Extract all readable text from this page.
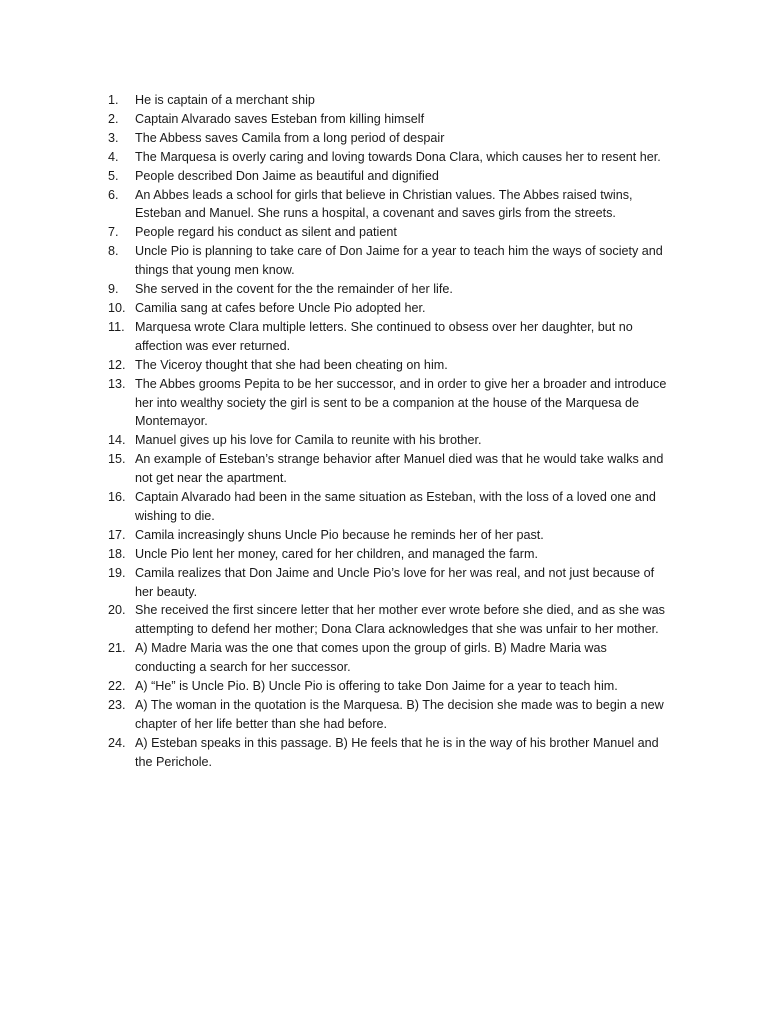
1.	He is captain of a merchant ship
2.	Captain Alvarado saves Esteban from killing himself
3.	The Abbess saves Camila from a long period of despair
4.	The Marquesa is overly caring and loving towards Dona Clara, which causes her to resent her.
5.	People described Don Jaime as beautiful and dignified
6.	An Abbes leads a school for girls that believe in Christian values. The Abbes raised twins, Esteban and Manuel. She runs a hospital, a covenant and saves girls from the streets.
7.	People regard his conduct as silent and patient
8.	Uncle Pio is planning to take care of Don Jaime for a year to teach him the ways of society and things that young men know.
9.	She served in the covent for the the remainder of her life.
10. Camilia sang at cafes before Uncle Pio adopted her.
11. Marquesa wrote Clara multiple letters. She continued to obsess over her daughter, but no affection was ever returned.
12. The Viceroy thought that she had been cheating on him.
13. The Abbes grooms Pepita to be her successor, and in order to give her a broader and introduce her into wealthy society the girl is sent to be a companion at the house of the Marquesa de Montemayor.
14. Manuel gives up his love for Camila to reunite with his brother.
15. An example of Esteban’s strange behavior after Manuel died was that he would take walks and not get near the apartment.
16. Captain Alvarado had been in the same situation as Esteban, with the loss of a loved one and wishing to die.
17. Camila increasingly shuns Uncle Pio because he reminds her of her past.
18. Uncle Pio lent her money, cared for her children, and managed the farm.
19. Camila realizes that Don Jaime and Uncle Pio’s love for her was real, and not just because of her beauty.
20. She received the first sincere letter that her mother ever wrote before she died, and as she was attempting to defend her mother; Dona Clara acknowledges that she was unfair to her mother.
21. A) Madre Maria was the one that comes upon the group of girls. B) Madre Maria was conducting a search for her successor.
22. A) “He” is Uncle Pio. B) Uncle Pio is offering to take Don Jaime for a year to teach him.
23. A) The woman in the quotation is the Marquesa. B) The decision she made was to begin a new chapter of her life better than she had before.
24. A) Esteban speaks in this passage. B) He feels that he is in the way of his brother Manuel and the Perichole.
